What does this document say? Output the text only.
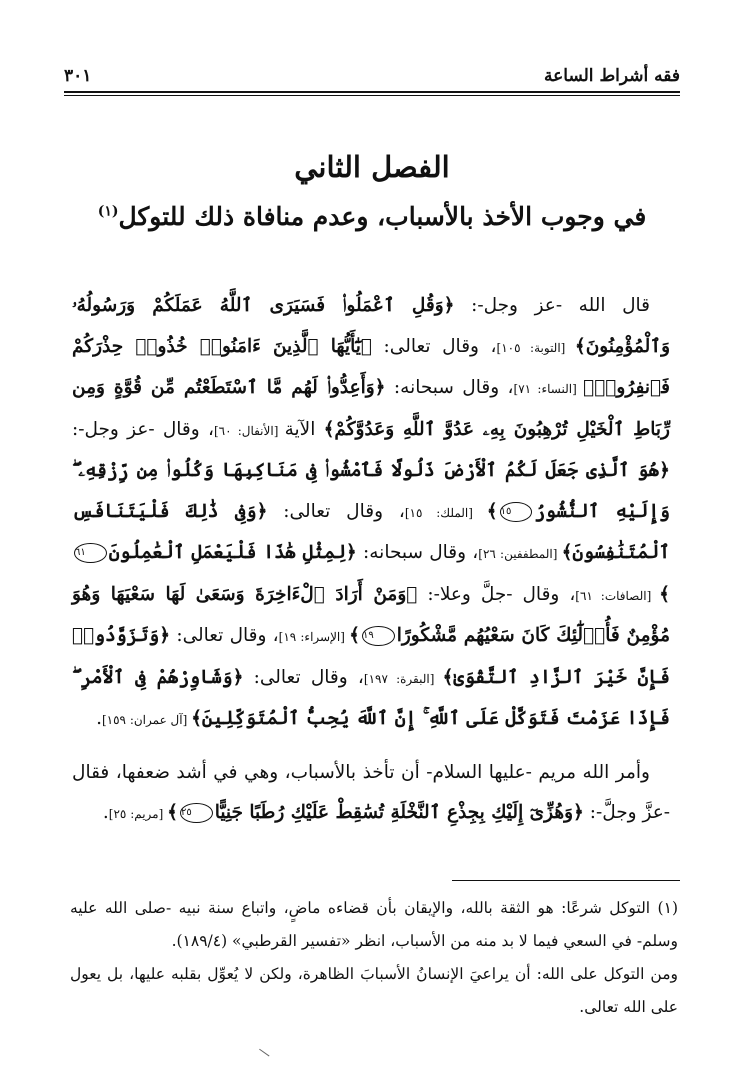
فقه أشراط الساعة
٣٠١
الفصل الثاني
في وجوب الأخذ بالأسباب، وعدم منافاة ذلك للتوكل$^{(١)}$

قال الله -عز وجل-: ﴿وَقُلِ ٱعْمَلُوا۟ فَسَيَرَى ٱللَّهُ عَمَلَكُمْ وَرَسُولُهُۥ وَٱلْمُؤْمِنُونَ﴾ [التوبة: ١٠٥]، وقال تعالى: ﴿يَٰٓأَيُّهَا ٱلَّذِينَ ءَامَنُوا۟ خُذُوا۟ حِذْرَكُمْ فَٱنفِرُوا۟﴾ [النساء: ٧١]، وقال سبحانه: ﴿وَأَعِدُّوا۟ لَهُم مَّا ٱسْتَطَعْتُم مِّن قُوَّةٍ وَمِن رِّبَاطِ ٱلْخَيْلِ تُرْهِبُونَ بِهِۦ عَدُوَّ ٱللَّهِ وَعَدُوَّكُمْ﴾ الآية [الأنفال: ٦٠]، وقال -عز وجل-: ﴿هُوَ ٱلَّذِى جَعَلَ لَكُمُ ٱلْأَرْضَ ذَلُولًا فَٱمْشُوا۟ فِى مَنَاكِبِهَا وَكُلُوا۟ مِن رِّزْقِهِۦ ۖ وَإِلَيْهِ ٱلنُّشُورُ١٥﴾ [الملك: ١٥]، وقال تعالى: ﴿وَفِى ذَٰلِكَ فَلْيَتَنَافَسِ ٱلْمُتَنَٰفِسُونَ﴾ [المطففين: ٢٦]، وقال سبحانه: ﴿لِمِثْلِ هَٰذَا فَلْيَعْمَلِ ٱلْعَٰمِلُونَ٦١﴾ [الصافات: ٦١]، وقال -جلَّ وعلا-: ﴿وَمَنْ أَرَادَ ٱلْءَاخِرَةَ وَسَعَىٰ لَهَا سَعْيَهَا وَهُوَ مُؤْمِنٌ فَأُو۟لَٰٓئِكَ كَانَ سَعْيُهُم مَّشْكُورًا١٩﴾ [الإسراء: ١٩]، وقال تعالى: ﴿وَتَزَوَّدُوا۟ فَإِنَّ خَيْرَ ٱلزَّادِ ٱلتَّقْوَىٰ﴾ [البقرة: ١٩٧]، وقال تعالى: ﴿وَشَاوِرْهُمْ فِى ٱلْأَمْرِ ۖ فَإِذَا عَزَمْتَ فَتَوَكَّلْ عَلَى ٱللَّهِ ۚ إِنَّ ٱللَّهَ يُحِبُّ ٱلْمُتَوَكِّلِينَ﴾ [آل عمران: ١٥٩].

وأمر الله مريم -عليها السلام- أن تأخذ بالأسباب، وهي في أشد ضعفها، فقال -عزَّ وجلَّ-: ﴿وَهُزِّىٓ إِلَيْكِ بِجِذْعِ ٱلنَّخْلَةِ تُسَٰقِطْ عَلَيْكِ رُطَبًا جَنِيًّا٢٥﴾ [مريم: ٢٥].

(١) التوكل شرعًا: هو الثقة بالله، والإيقان بأن قضاءه ماضٍ، واتباع سنة نبيه -صلى الله عليه وسلم- في السعي فيما لا بد منه من الأسباب، انظر «تفسير القرطبي» (١٨٩/٤).

ومن التوكل على الله: أن يراعيَ الإنسانُ الأسبابَ الظاهرة، ولكن لا يُعوِّل بقلبه عليها، بل يعول على الله تعالى.
